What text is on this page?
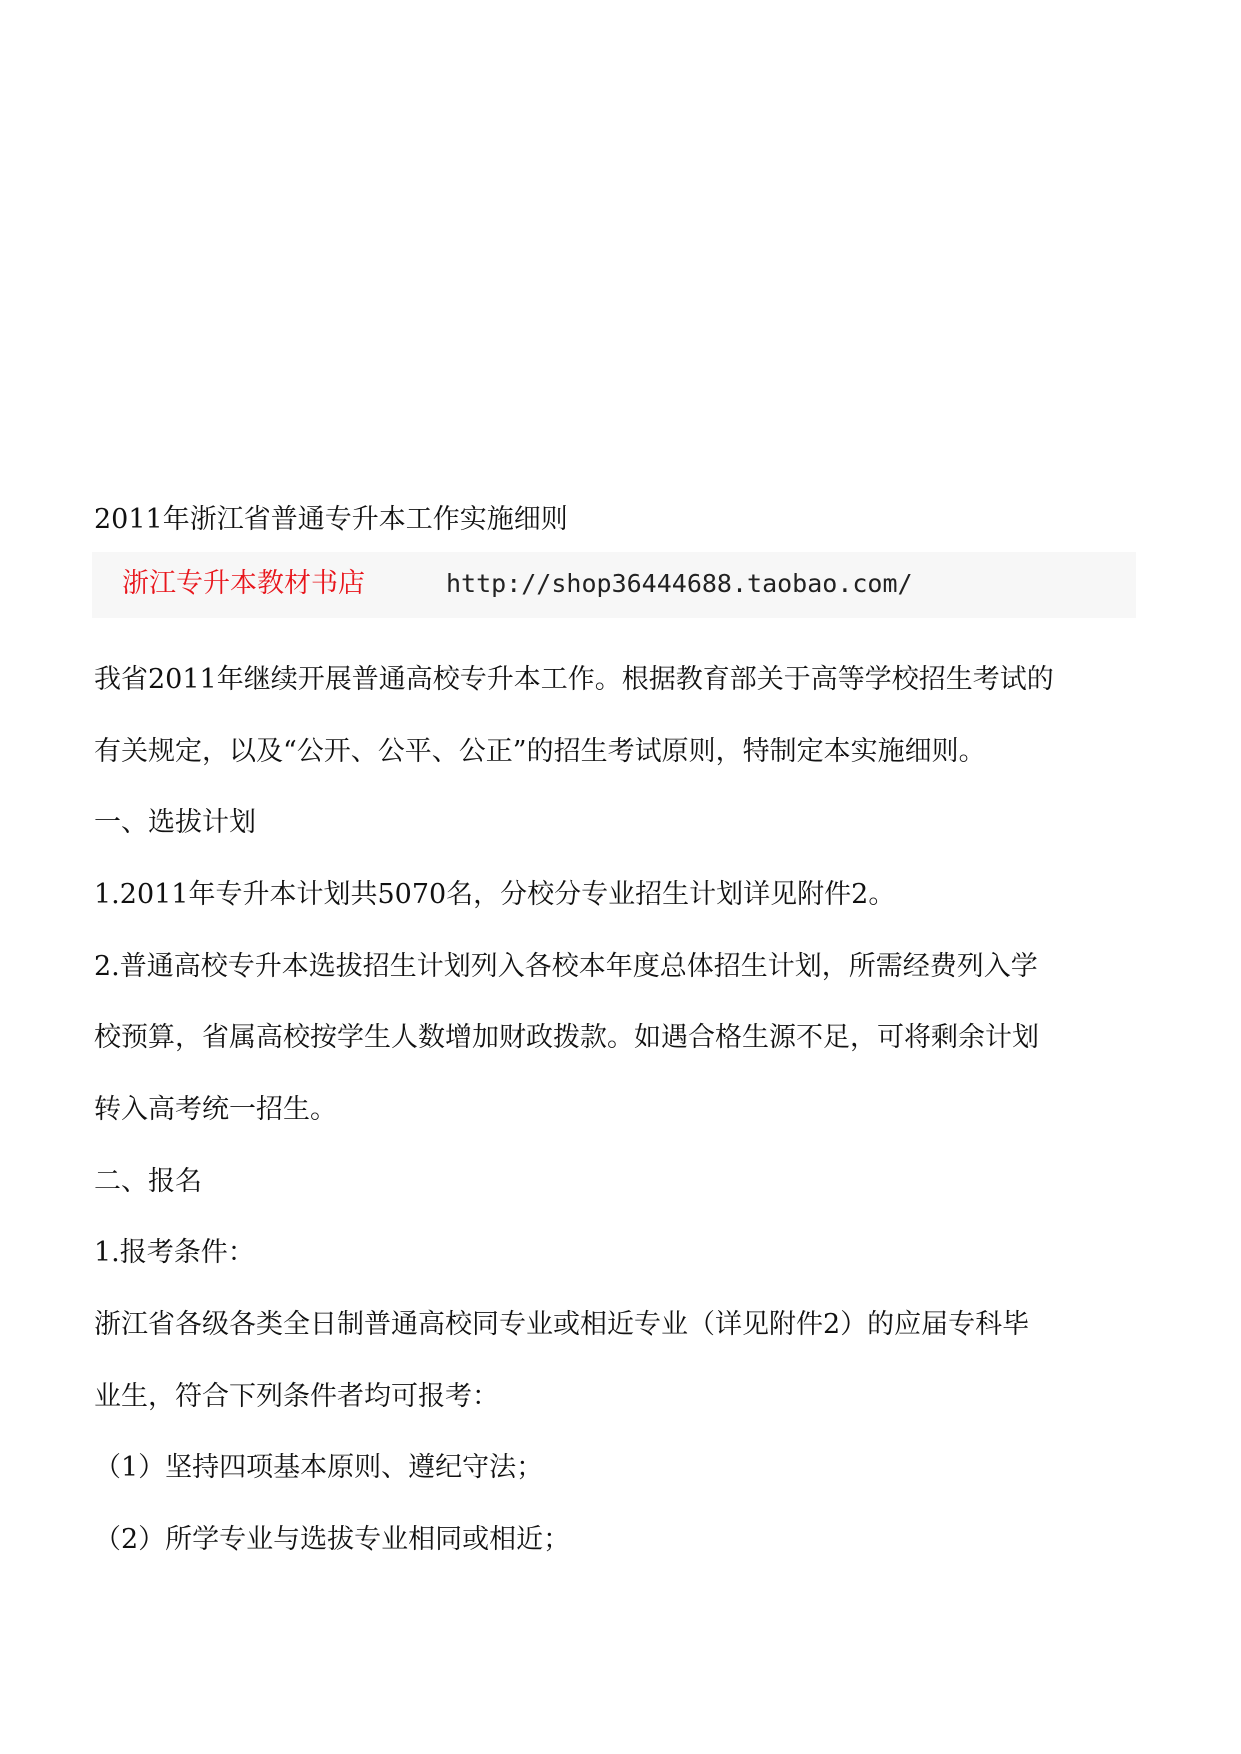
2011年浙江省普通专升本工作实施细则
浙江专升本教材书店	http://shop36444688.taobao.com/
我省2011年继续开展普通高校专升本工作。根据教育部关于高等学校招生考试的
有关规定，以及“公开、公平、公正”的招生考试原则，特制定本实施细则。
一、选拔计划
1.2011年专升本计划共5070名，分校分专业招生计划详见附件2。
2.普通高校专升本选拔招生计划列入各校本年度总体招生计划，所需经费列入学
校预算，省属高校按学生人数增加财政拨款。如遇合格生源不足，可将剩余计划
转入高考统一招生。
二、报名
1.报考条件：
浙江省各级各类全日制普通高校同专业或相近专业（详见附件2）的应届专科毕
业生，符合下列条件者均可报考：
（1）坚持四项基本原则、遵纪守法；
（2）所学专业与选拔专业相同或相近；
